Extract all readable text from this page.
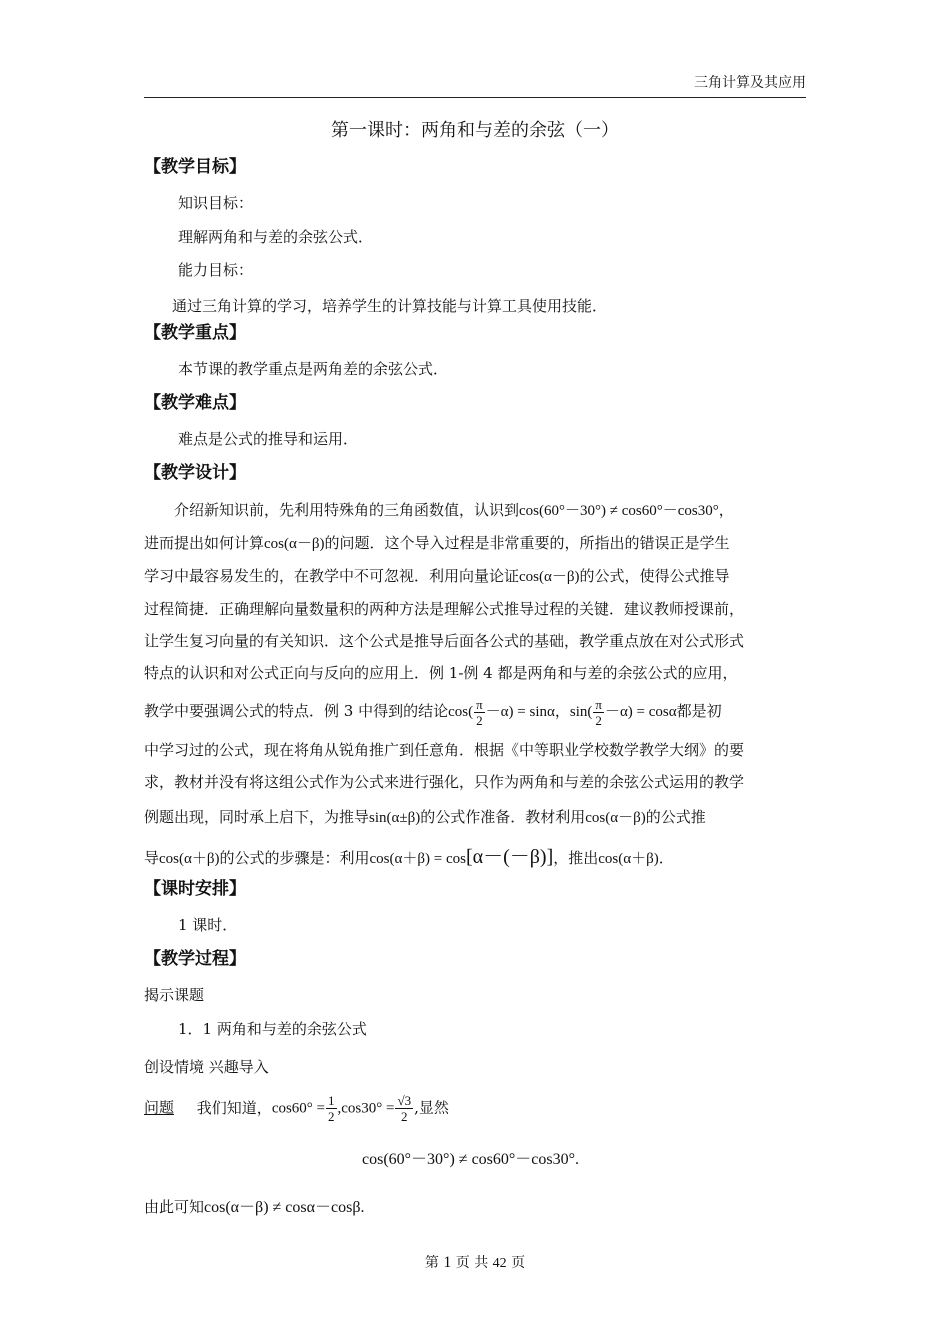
三角计算及其应用
第一课时：两角和与差的余弦（一）
【教学目标】
知识目标：
理解两角和与差的余弦公式．
能力目标：
通过三角计算的学习，培养学生的计算技能与计算工具使用技能．
【教学重点】
本节课的教学重点是两角差的余弦公式．
【教学难点】
难点是公式的推导和运用．
【教学设计】
介绍新知识前，先利用特殊角的三角函数值，认识到cos(60°－30°) ≠ cos60°－cos30°，
进而提出如何计算cos(α－β)的问题．这个导入过程是非常重要的，所指出的错误正是学生
学习中最容易发生的，在教学中不可忽视．利用向量论证cos(α－β)的公式，使得公式推导
过程简捷．正确理解向量数量积的两种方法是理解公式推导过程的关键．建议教师授课前，
让学生复习向量的有关知识．这个公式是推导后面各公式的基础，教学重点放在对公式形式
特点的认识和对公式正向与反向的应用上．例 1-例 4 都是两角和与差的余弦公式的应用，
教学中要强调公式的特点．例 3 中得到的结论$\cos( \frac{\pi}{2} -\alpha) = \sin\alpha$，$\sin( \frac{\pi}{2} -\alpha) = \cos\alpha$都是初
中学习过的公式，现在将角从锐角推广到任意角．根据《中等职业学校数学教学大纲》的要
求，教材并没有将这组公式作为公式来进行强化，只作为两角和与差的余弦公式运用的教学
例题出现，同时承上启下，为推导sin(α±β)的公式作准备．教材利用cos(α－β)的公式推
导cos(α＋β)的公式的步骤是：利用cos(α＋β) = cos[α－(－β)]，推出cos(α＋β)．
【课时安排】
1 课时．
【教学过程】
揭示课题
1．1 两角和与差的余弦公式
创设情境 兴趣导入
问题 我们知道，$\cos 60^\circ = \frac{1}{2} ,\cos 30^\circ = \frac{√3}{2}$ ,显然
cos(60°－30°) ≠ cos60°－cos30°.
由此可知cos(α－β) ≠ cosα－cosβ.
第 1 页 共 42 页
